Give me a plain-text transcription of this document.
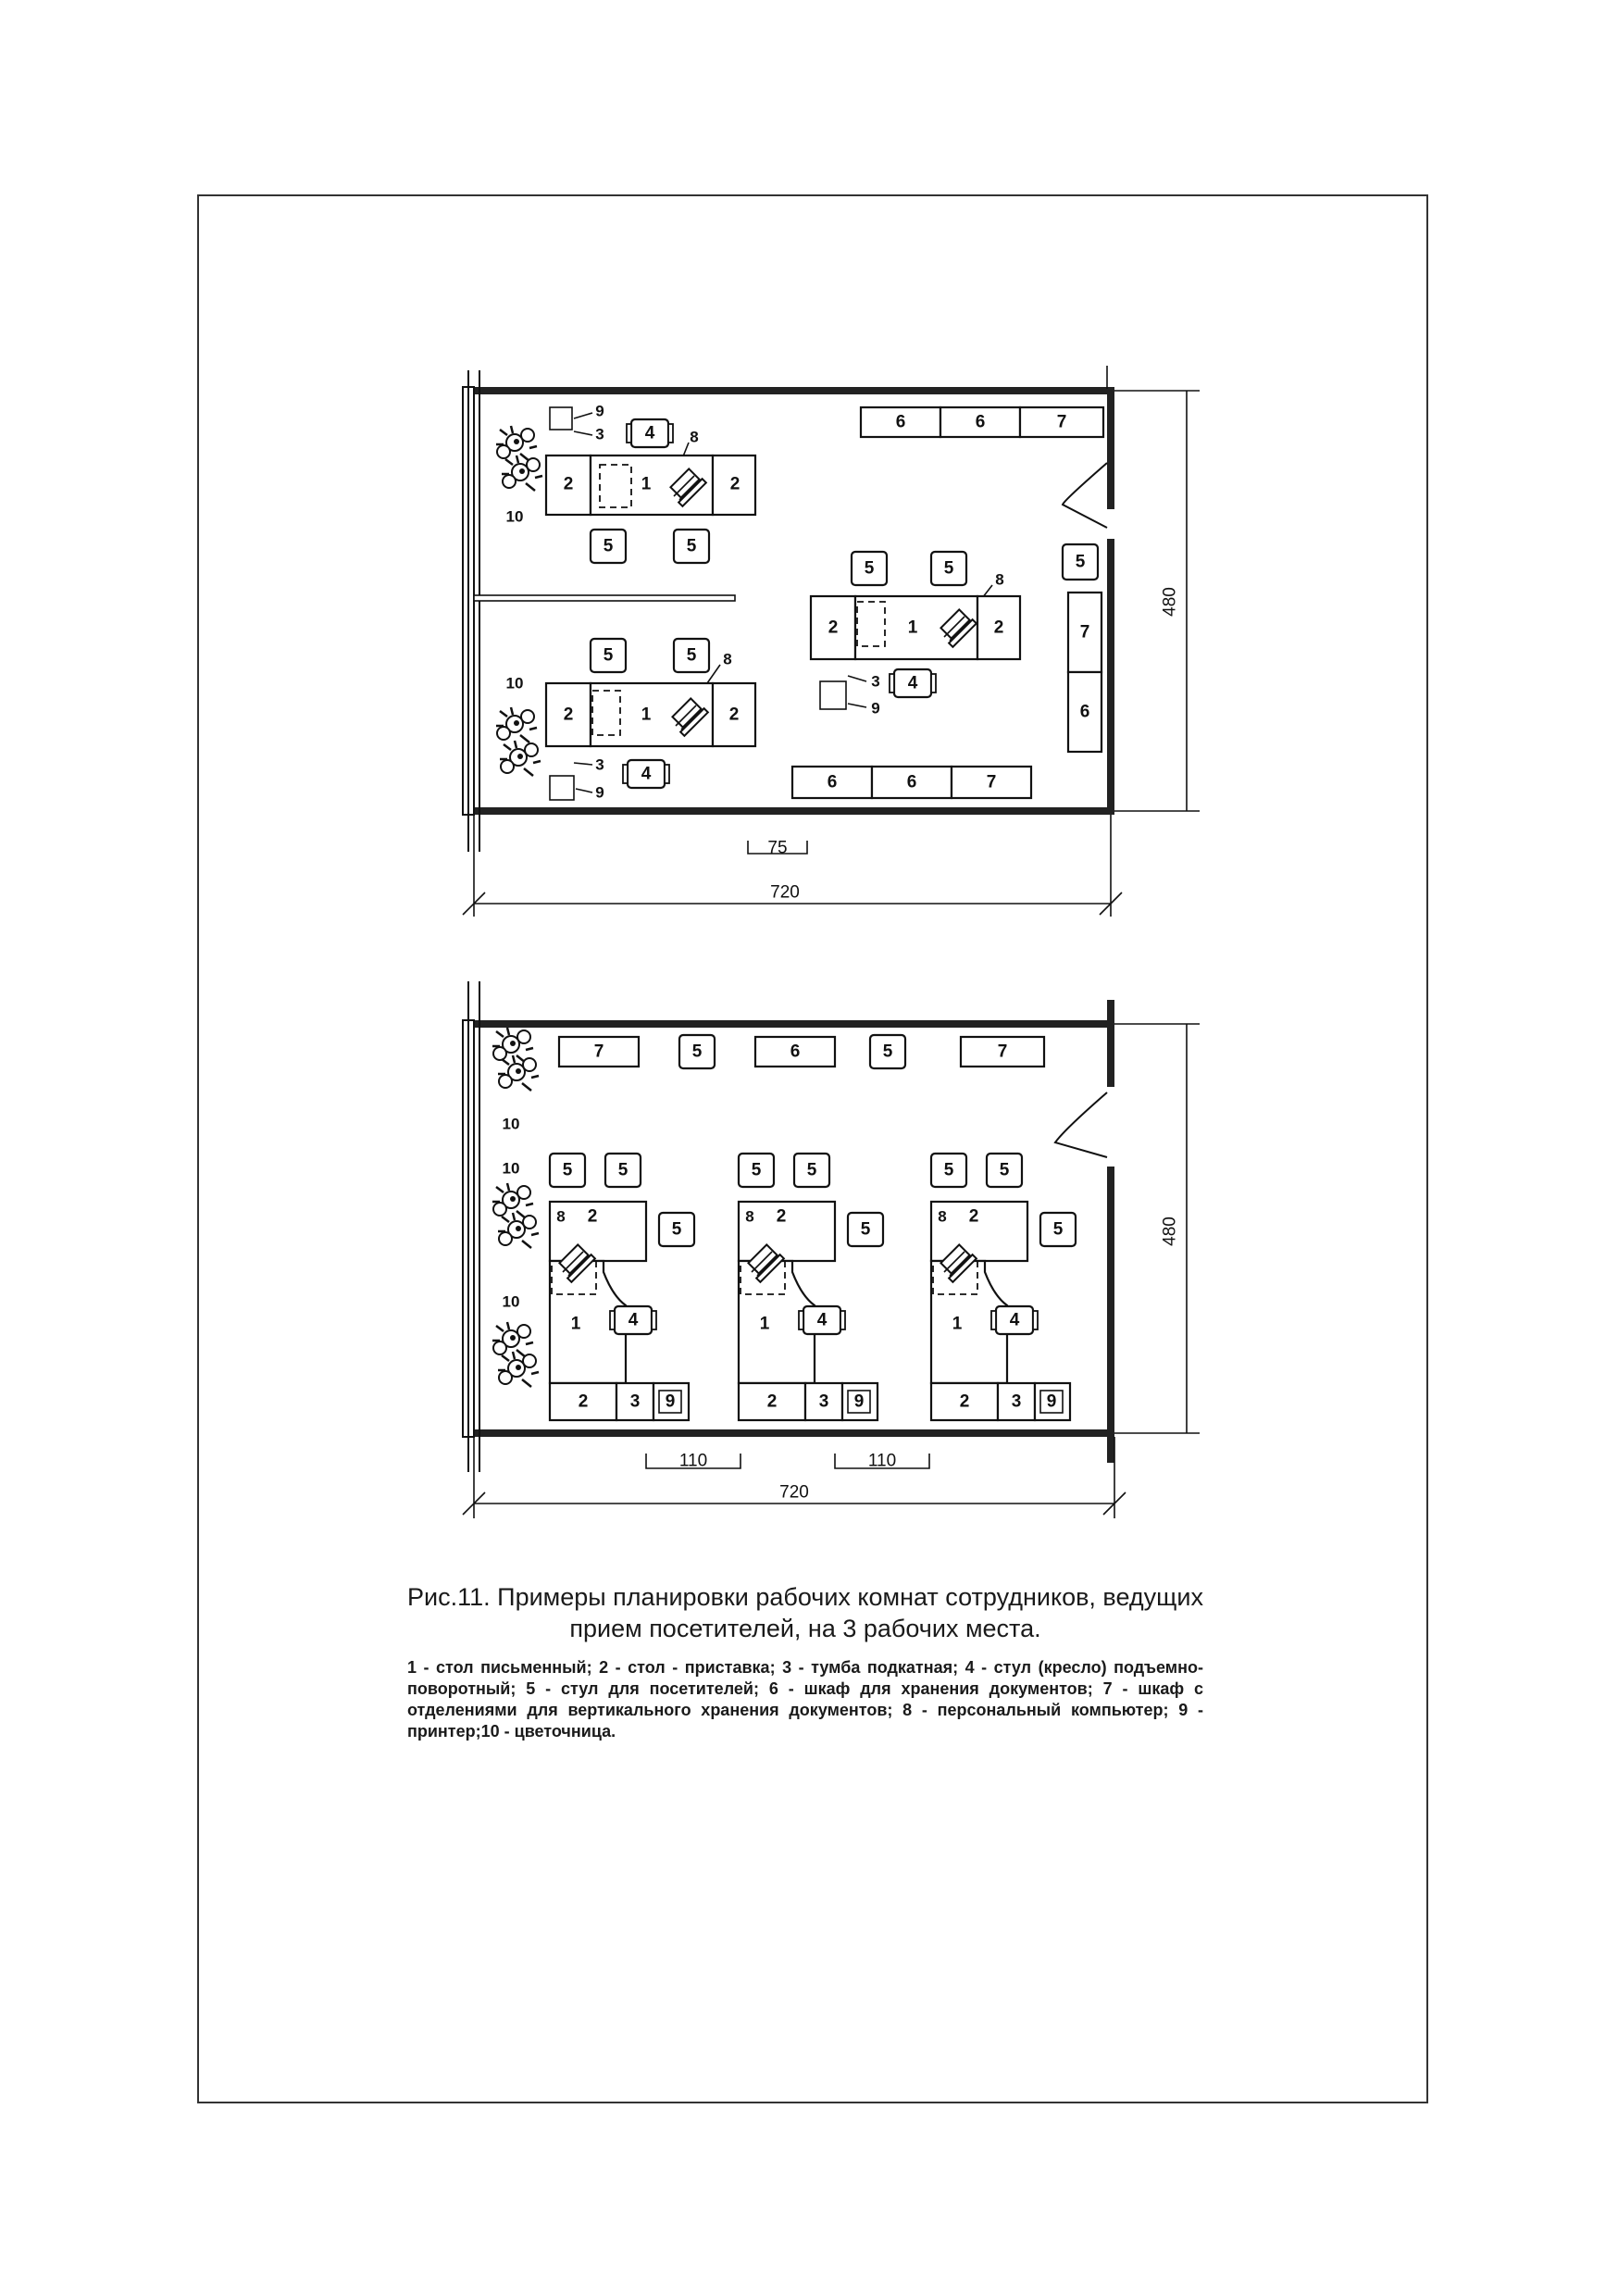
9
3 4 8
2	1	2
10
5	5
6	6	7
5
7
6
5	5
8
2	1	2
3
9
4
5	5
10
8
2	1	2
3 4
9
6	6	7
75
720
480
7	5	6	5	7
10
10
10
5	5
8 2
5
1	4
2 3 9
5	5
8 2
5
1	4
2 3 9
5	5
8 2
5
1	4
2 3 9
110	110
720
480

Рис.11. Примеры планировки рабочих комнат сотрудников, ведущих прием посетителей, на 3 рабочих места.

1 - стол письменный; 2 - стол - приставка; 3 - тумба подкатная; 4 - стул (кресло) подъемно-поворотный; 5 - стул для посетителей; 6 - шкаф для хранения документов; 7 - шкаф с отделениями для вертикального хранения документов; 8 - персональный компьютер; 9 - принтер;10 - цветочница.
